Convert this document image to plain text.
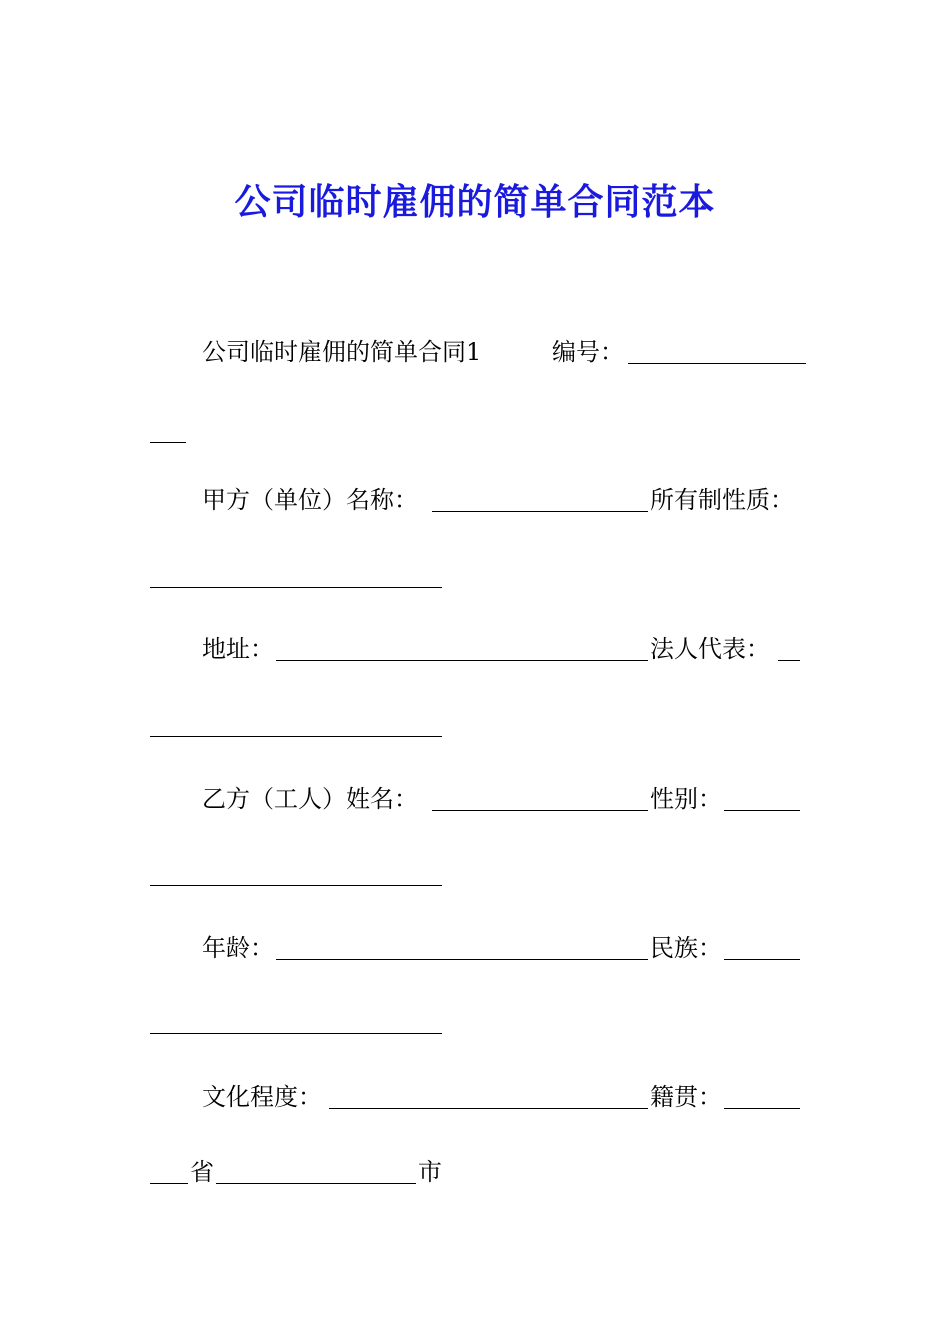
公司临时雇佣的简单合同范本
公司临时雇佣的简单合同1	编号：
甲方（单位）名称：	所有制性质：
地址：	法人代表：
乙方（工人）姓名：	性别：
年龄：	民族：
文化程度：	籍贯：
省	市
